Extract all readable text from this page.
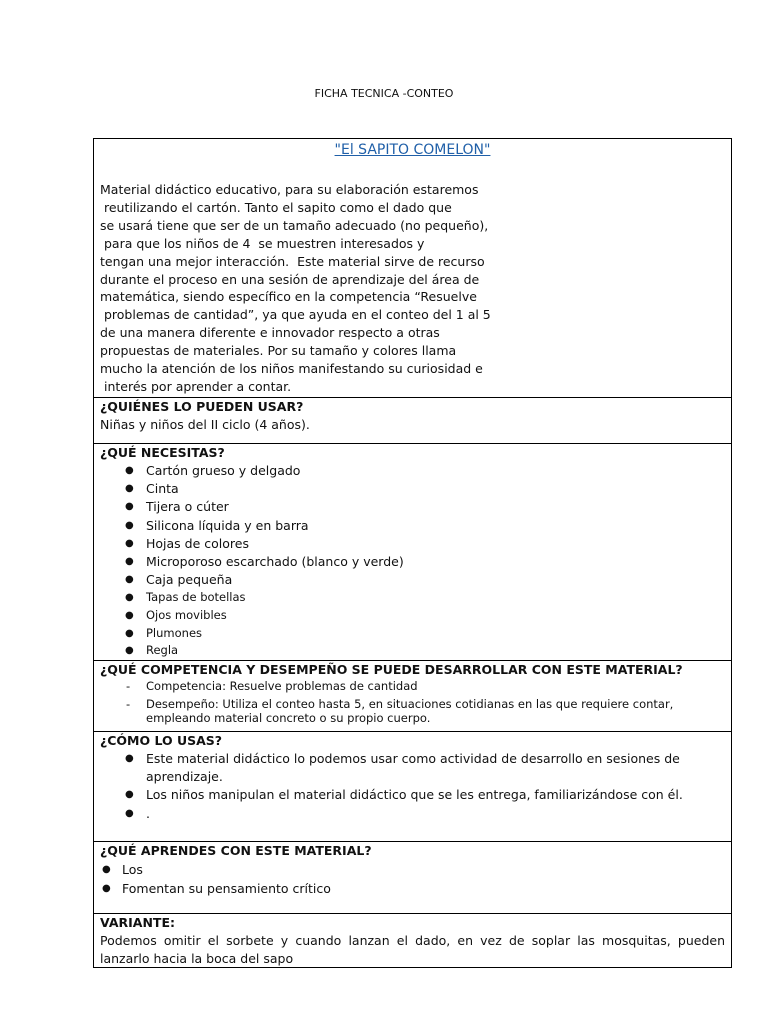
FICHA TECNICA -CONTEO
"El SAPITO COMELON"
Material didáctico educativo, para su elaboración estaremos
reutilizando el cartón. Tanto el sapito como el dado que
se usará tiene que ser de un tamaño adecuado (no pequeño),
para que los niños de 4  se muestren interesados y
tengan una mejor interacción.  Este material sirve de recurso
durante el proceso en una sesión de aprendizaje del área de
matemática, siendo específico en la competencia “Resuelve
problemas de cantidad”, ya que ayuda en el conteo del 1 al 5
de una manera diferente e innovador respecto a otras
propuestas de materiales. Por su tamaño y colores llama
mucho la atención de los niños manifestando su curiosidad e
interés por aprender a contar.
¿QUIÉNES LO PUEDEN USAR?
Niñas y niños del II ciclo (4 años).
¿QUÉ NECESITAS?
● Cartón grueso y delgado
● Cinta
● Tijera o cúter
● Silicona líquida y en barra
● Hojas de colores
● Microporoso escarchado (blanco y verde)
● Caja pequeña
● Tapas de botellas
● Ojos movibles
● Plumones
● Regla
¿QUÉ COMPETENCIA Y DESEMPEÑO SE PUEDE DESARROLLAR CON ESTE MATERIAL?
- Competencia: Resuelve problemas de cantidad
- Desempeño: Utiliza el conteo hasta 5, en situaciones cotidianas en las que requiere contar, empleando material concreto o su propio cuerpo.
¿CÓMO LO USAS?
● Este material didáctico lo podemos usar como actividad de desarrollo en sesiones de aprendizaje.
● Los niños manipulan el material didáctico que se les entrega, familiarizándose con él.
● .
¿QUÉ APRENDES CON ESTE MATERIAL?
● Los
● Fomentan su pensamiento crítico
VARIANTE:
Podemos omitir el sorbete y cuando lanzan el dado, en vez de soplar las mosquitas, pueden lanzarlo hacia la boca del sapo
